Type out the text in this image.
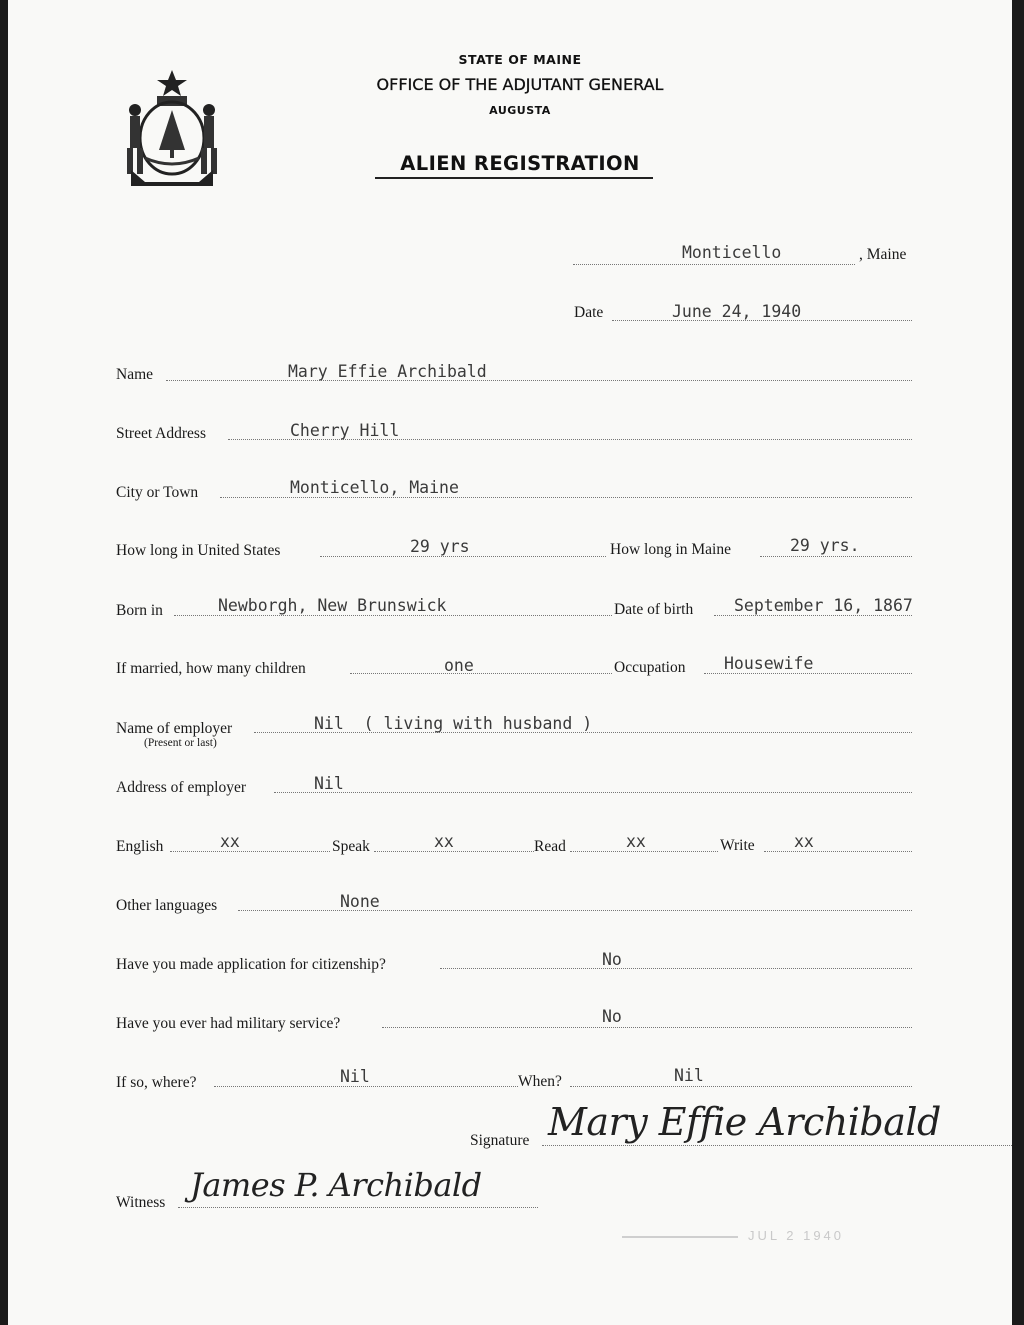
STATE OF MAINE
OFFICE OF THE ADJUTANT GENERAL
AUGUSTA
ALIEN REGISTRATION
Monticello	, Maine
Date	June 24, 1940
Name	Mary Effie Archibald
Street Address	Cherry Hill
City or Town	Monticello, Maine
How long in United States	29 yrs	How long in Maine	29 yrs.
Born in	Newborgh, New Brunswick	Date of birth September 16, 1867
If married, how many children	one	Occupation Housewife
Name of employer
(Present or last)
Nil  ( living with husband )
Address of employer	Nil
English	xx	Speak	xx	Read	xx	Write xx
Other languages	None
Have you made application for citizenship?	No
Have you ever had military service?	No
If so, where?	Nil	When?	Nil
Signature Mary Effie Archibald
Witness James P. Archibald
JUL 2 1940
